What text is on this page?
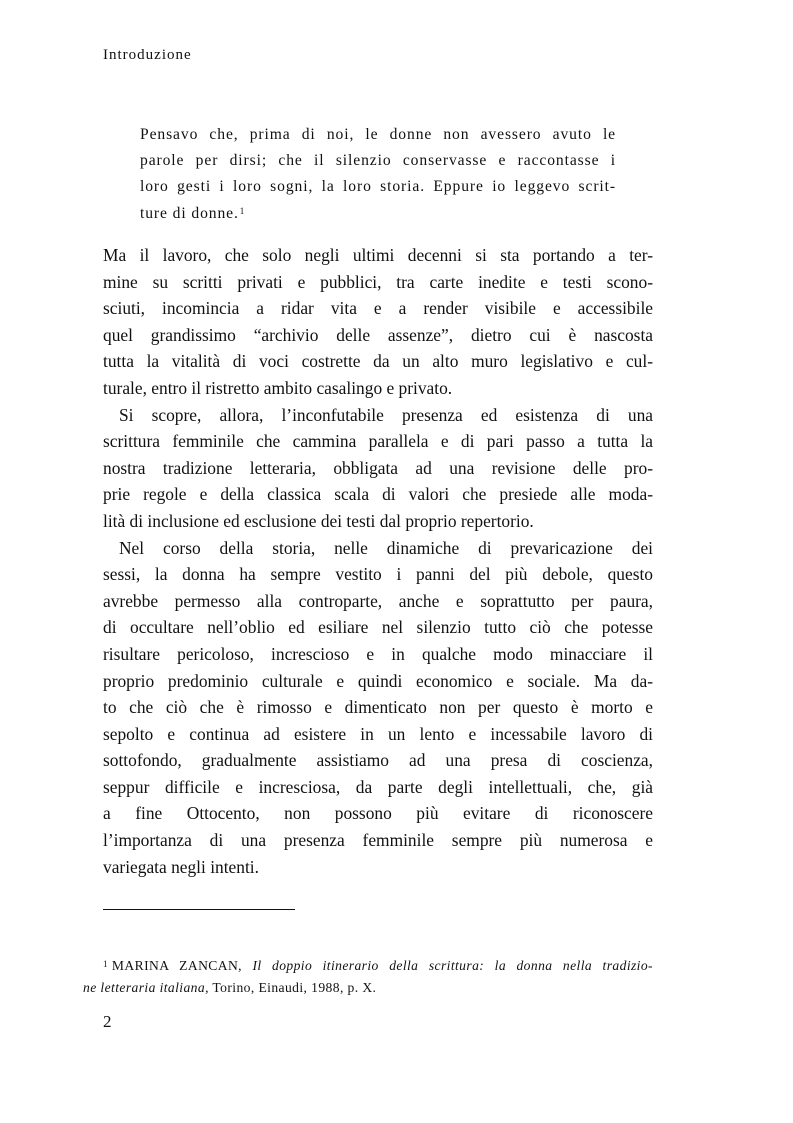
Introduzione
Pensavo che, prima di noi, le donne non avessero avuto le
parole per dirsi; che il silenzio conservasse e raccontasse i
loro gesti i loro sogni, la loro storia. Eppure io leggevo scrit-
ture di donne.$^1$
Ma il lavoro, che solo negli ultimi decenni si sta portando a ter-
mine su scritti privati e pubblici, tra carte inedite e testi scono-
sciuti, incomincia a ridar vita e a render visibile e accessibile
quel grandissimo “archivio delle assenze”, dietro cui è nascosta
tutta la vitalità di voci costrette da un alto muro legislativo e cul-
turale, entro il ristretto ambito casalingo e privato.
Si scopre, allora, l’inconfutabile presenza ed esistenza di una
scrittura femminile che cammina parallela e di pari passo a tutta la
nostra tradizione letteraria, obbligata ad una revisione delle pro-
prie regole e della classica scala di valori che presiede alle moda-
lità di inclusione ed esclusione dei testi dal proprio repertorio.
Nel corso della storia, nelle dinamiche di prevaricazione dei
sessi, la donna ha sempre vestito i panni del più debole, questo
avrebbe permesso alla controparte, anche e soprattutto per paura,
di occultare nell’oblio ed esiliare nel silenzio tutto ciò che potesse
risultare pericoloso, increscioso e in qualche modo minacciare il
proprio predominio culturale e quindi economico e sociale. Ma da-
to che ciò che è rimosso e dimenticato non per questo è morto e
sepolto e continua ad esistere in un lento e incessabile lavoro di
sottofondo, gradualmente assistiamo ad una presa di coscienza,
seppur difficile e incresciosa, da parte degli intellettuali, che, già
a fine Ottocento, non possono più evitare di riconoscere
l’importanza di una presenza femminile sempre più numerosa e
variegata negli intenti.
$^1$ MARINA ZANCAN, Il doppio itinerario della scrittura: la donna nella tradizio-
ne letteraria italiana, Torino, Einaudi, 1988, p. X.
2
